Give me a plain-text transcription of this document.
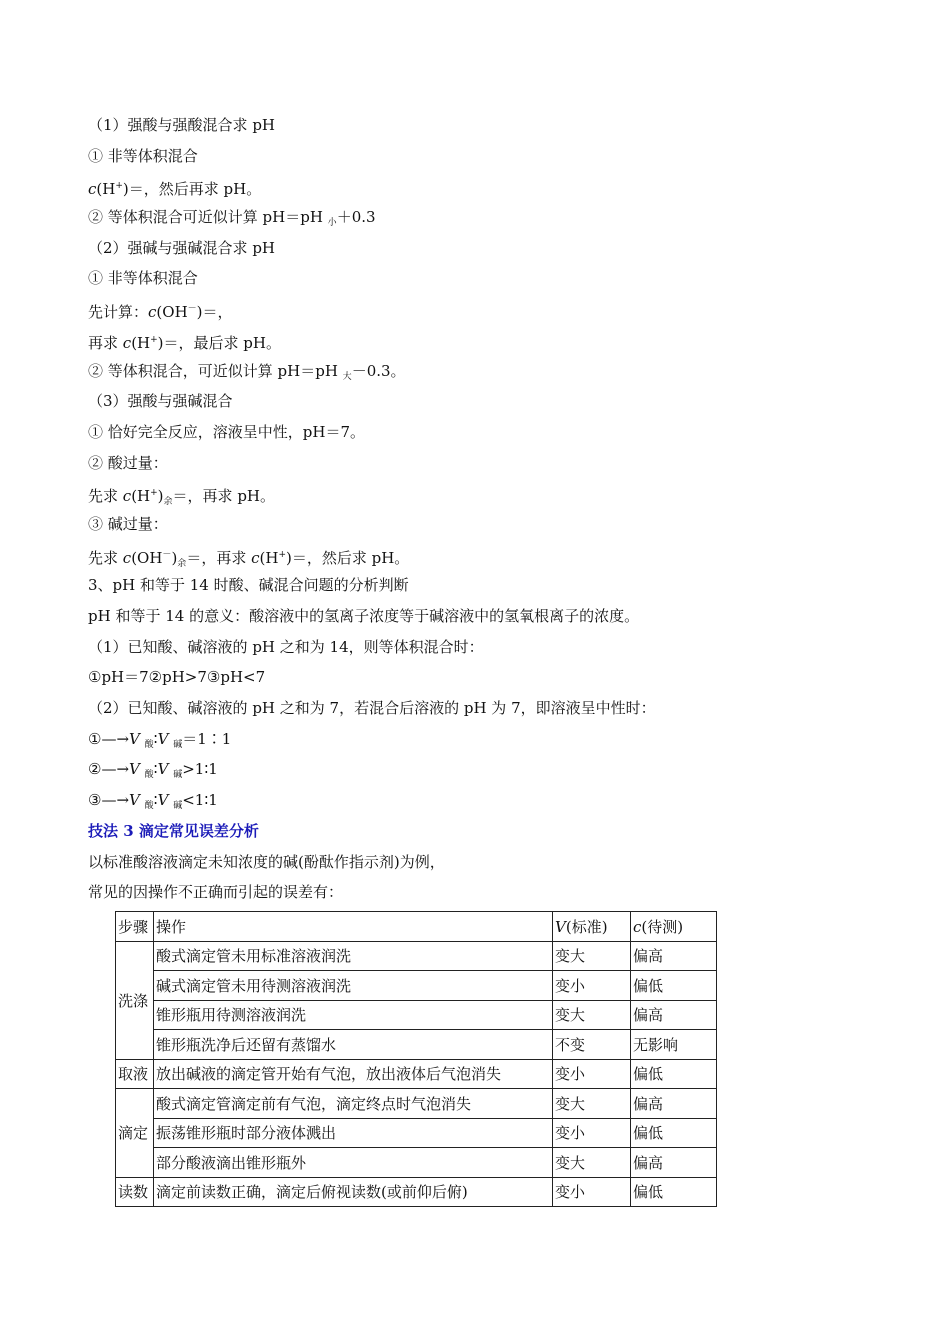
（1）强酸与强酸混合求 pH
① 非等体积混合
c(H+)＝，然后再求 pH。
② 等体积混合可近似计算 pH＝pH $_小$＋0.3
（2）强碱与强碱混合求 pH
① 非等体积混合
先计算：c(OH－)＝，
再求 c(H+)＝，最后求 pH。
② 等体积混合，可近似计算 pH＝pH $_大$－0.3。
（3）强酸与强碱混合
① 恰好完全反应，溶液呈中性，pH＝7。
② 酸过量：
先求 $c(H^+)_余=$，再求 pH。
③ 碱过量：
先求 $c(OH^-)_余=$，再求 c(H+)＝，然后求 pH。
3、pH 和等于 14 时酸、碱混合问题的分析判断
pH 和等于 14 的意义：酸溶液中的氢离子浓度等于碱溶液中的氢氧根离子的浓度。
（1）已知酸、碱溶液的 pH 之和为 14，则等体积混合时：
①pH＝7②pH>7③pH<7
（2）已知酸、碱溶液的 pH 之和为 7，若混合后溶液的 pH 为 7，即溶液呈中性时：
①—→V $_酸$∶V $_碱$＝1∶1
②—→V $_酸$∶V $_碱$>1∶1
③—→V $_酸$∶V $_碱$<1∶1
技法 3 滴定常见误差分析
以标准酸溶液滴定未知浓度的碱(酚酞作指示剂)为例，
常见的因操作不正确而引起的误差有：
步骤	操作	V(标准)	c(待测)
洗涤	酸式滴定管未用标准溶液润洗	变大	偏高
	碱式滴定管未用待测溶液润洗	变小	偏低
	锥形瓶用待测溶液润洗	变大	偏高
	锥形瓶洗净后还留有蒸馏水	不变	无影响
取液	放出碱液的滴定管开始有气泡，放出液体后气泡消失	变小	偏低
滴定	酸式滴定管滴定前有气泡，滴定终点时气泡消失	变大	偏高
	振荡锥形瓶时部分液体溅出	变小	偏低
	部分酸液滴出锥形瓶外	变大	偏高
读数	滴定前读数正确，滴定后俯视读数(或前仰后俯)	变小	偏低
